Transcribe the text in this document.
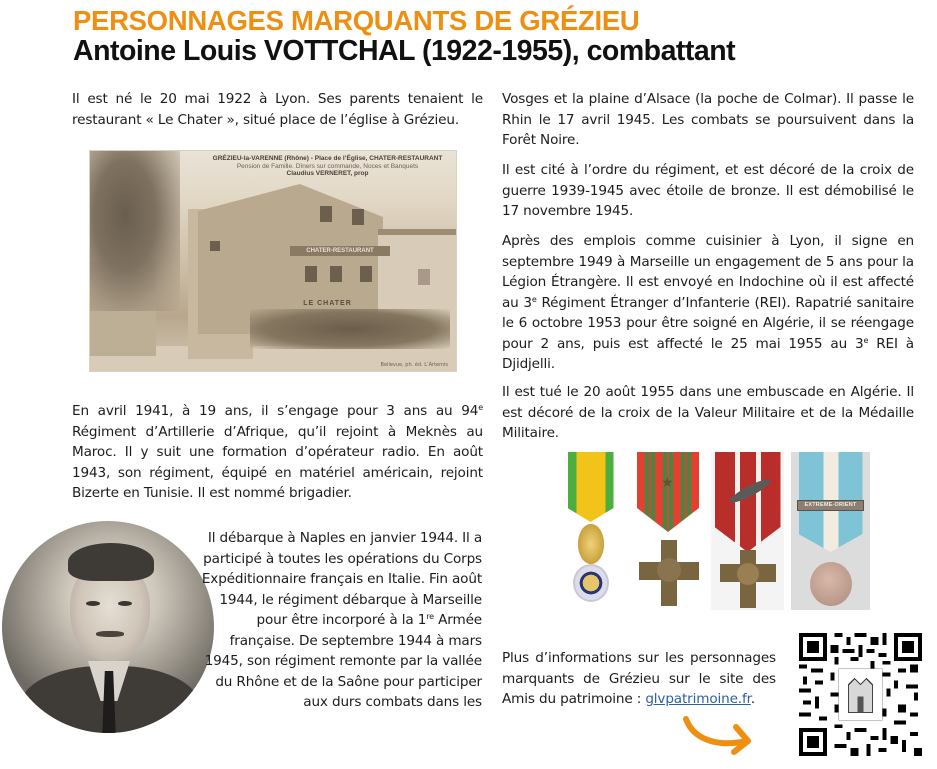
PERSONNAGES MARQUANTS DE GRÉZIEU
Antoine Louis VOTTCHAL (1922-1955), combattant

Il est né le 20 mai 1922 à Lyon. Ses parents tenaient le restaurant « Le Chater », situé place de l’église à Grézieu.

CHATER-RESTAURANT
LE CHATER
GRÉZIEU-la-VARENNE (Rhône) - Place de l’Église, CHATER-RESTAURANT
Pension de Famille. Dîners sur commande, Noces et Banquets
Claudius VERNERET, prop
Bellevue, ph. éd. L’Artemis

En avril 1941, à 19 ans, il s’engage pour 3 ans au 94e Régiment d’Artillerie d’Afrique, qu’il rejoint à Meknès au Maroc. Il y suit une formation d’opérateur radio. En août 1943, son régiment, équipé en matériel américain, rejoint Bizerte en Tunisie. Il est nommé brigadier.

Il débarque à Naples en janvier 1944. Il a participé à toutes les opérations du Corps Expéditionnaire français en Italie. Fin août 1944, le régiment débarque à Marseille pour être incorporé à la 1re Armée française. De septembre 1944 à mars 1945, son régiment remonte par la vallée du Rhône et de la Saône pour participer aux durs combats dans les

Vosges et la plaine d’Alsace (la poche de Colmar). Il passe le Rhin le 17 avril 1945. Les combats se poursuivent dans la Forêt Noire.

Il est cité à l’ordre du régiment, et est décoré de la croix de guerre 1939-1945 avec étoile de bronze. Il est démobilisé le 17 novembre 1945.

Après des emplois comme cuisinier à Lyon, il signe en septembre 1949 à Marseille un engagement de 5 ans pour la Légion Étrangère. Il est envoyé en Indochine où il est affecté au 3e Régiment Étranger d’Infanterie (REI). Rapatrié sanitaire le 6 octobre 1953 pour être soigné en Algérie, il se réengage pour 2 ans, puis est affecté le 25 mai 1955 au 3e REI à Djidjelli.

Il est tué le 20 août 1955 dans une embuscade en Algérie. Il est décoré de la croix de la Valeur Militaire et de la Médaille Militaire.

★
EXTREME-ORIENT

Plus d’informations sur les personnages marquants de Grézieu sur le site des Amis du patrimoine : glvpatrimoine.fr.
